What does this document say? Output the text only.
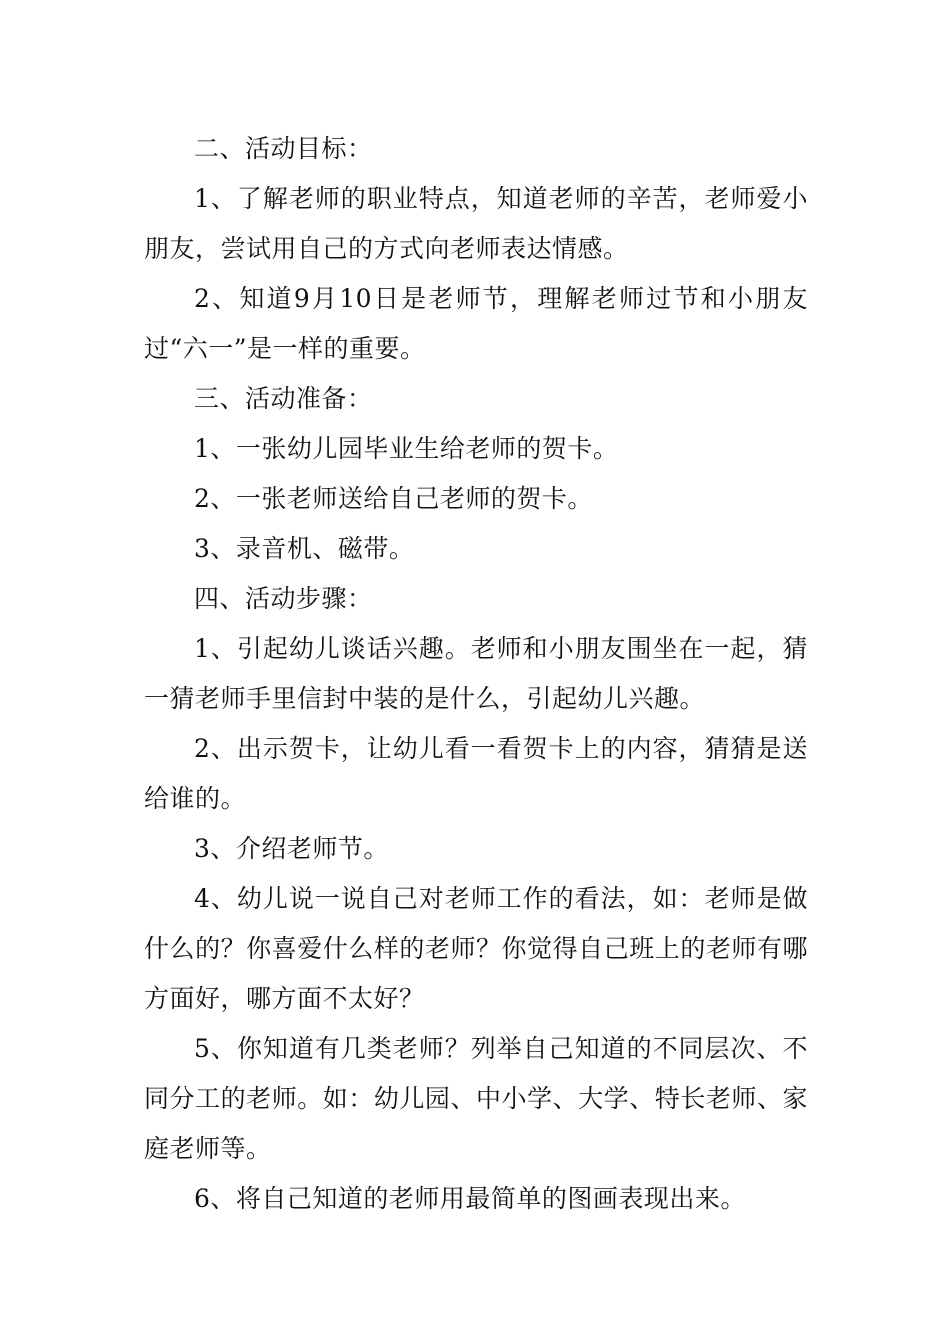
二、活动目标：

1、了解老师的职业特点，知道老师的辛苦，老师爱小朋友，尝试用自己的方式向老师表达情感。

2、知道9月10日是老师节，理解老师过节和小朋友过“六一”是一样的重要。

三、活动准备：

1、一张幼儿园毕业生给老师的贺卡。

2、一张老师送给自己老师的贺卡。

3、录音机、磁带。

四、活动步骤：

1、引起幼儿谈话兴趣。老师和小朋友围坐在一起，猜一猜老师手里信封中装的是什么，引起幼儿兴趣。

2、出示贺卡，让幼儿看一看贺卡上的内容，猜猜是送给谁的。

3、介绍老师节。

4、幼儿说一说自己对老师工作的看法，如：老师是做什么的？你喜爱什么样的老师？你觉得自己班上的老师有哪方面好，哪方面不太好？

5、你知道有几类老师？列举自己知道的不同层次、不同分工的老师。如：幼儿园、中小学、大学、特长老师、家庭老师等。

6、将自己知道的老师用最简单的图画表现出来。
